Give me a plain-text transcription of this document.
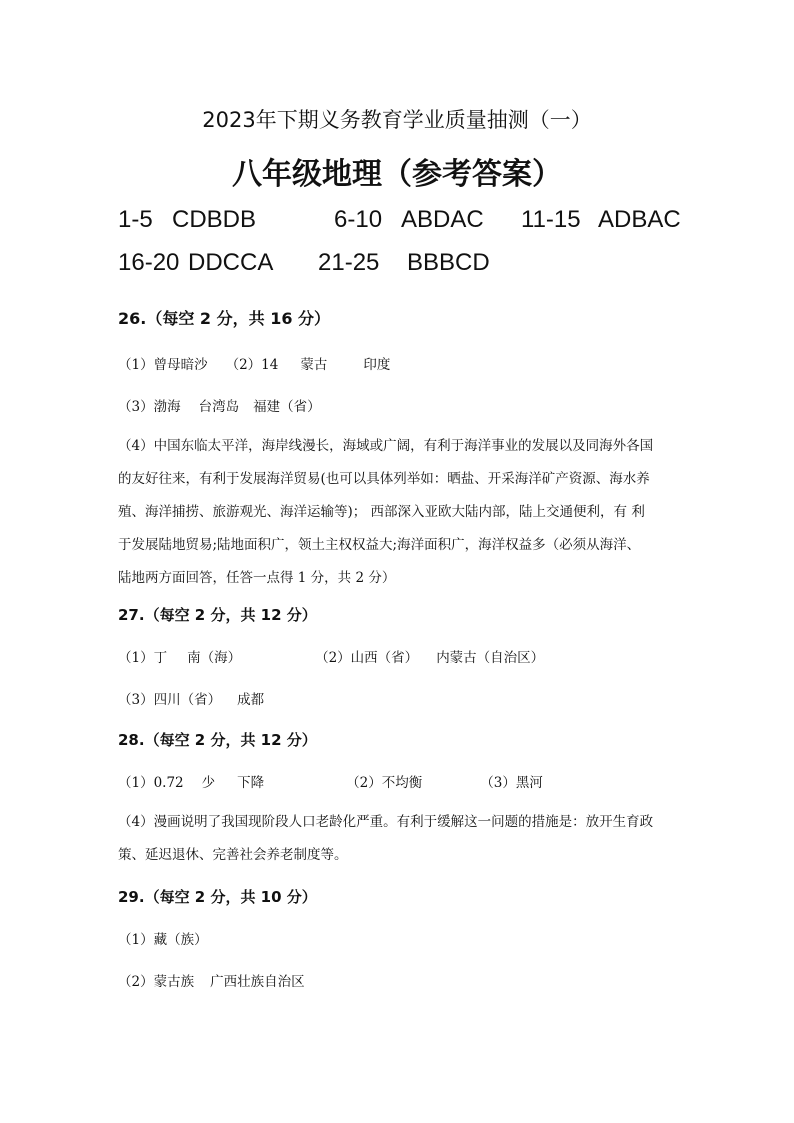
2023年下期义务教育学业质量抽测（一）
八年级地理（参考答案）
1-5 CDBDB	6-10 ABDAC 11-15 ADBAC
16-20 DDCCA 21-25 BBBCD
26.（每空 2 分，共 16 分）
（1）曾母暗沙 （2）14 蒙古	印度
（3）渤海 台湾岛 福建（省）
（4）中国东临太平洋，海岸线漫长，海域或广阔，有利于海洋事业的发展以及同海外各国
的友好往来，有利于发展海洋贸易(也可以具体列举如：晒盐、开采海洋矿产资源、海水养
殖、海洋捕捞、旅游观光、海洋运输等)； 西部深入亚欧大陆内部，陆上交通便利，有 利
于发展陆地贸易;陆地面积广，领土主权权益大;海洋面积广，海洋权益多（必须从海洋、
陆地两方面回答，任答一点得 1 分，共 2 分）
27.（每空 2 分，共 12 分）
（1）丁 南（海）	（2）山西（省） 内蒙古（自治区）
（3）四川（省） 成都
28.（每空 2 分，共 12 分）
（1）0.72 少 下降	（2）不均衡	（3）黑河
（4）漫画说明了我国现阶段人口老龄化严重。有利于缓解这一问题的措施是：放开生育政
策、延迟退休、完善社会养老制度等。
29.（每空 2 分，共 10 分）
（1）藏（族）
（2）蒙古族 广西壮族自治区
